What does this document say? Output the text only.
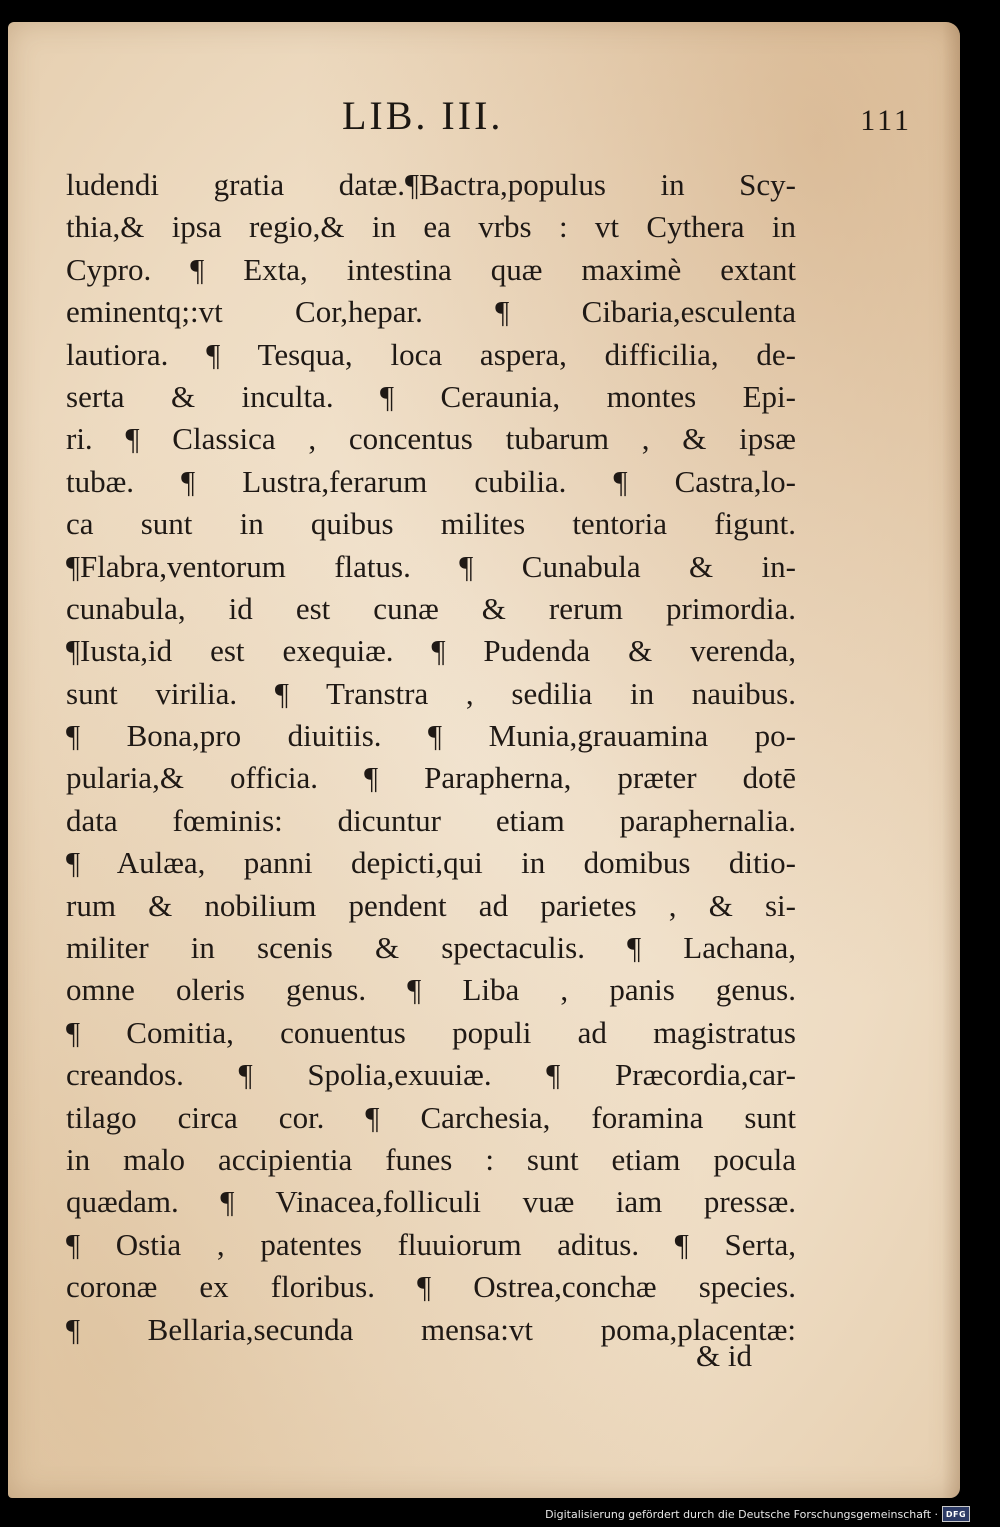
LIB. III.	111
ludendi gratia datæ.¶Bactra,populus in Scy-
thia,& ipsa regio,& in ea vrbs : vt Cythera in
Cypro. ¶ Exta, intestina quæ maximè extant
eminentq;:vt Cor,hepar. ¶ Cibaria,esculenta
lautiora. ¶ Tesqua, loca aspera, difficilia, de-
serta & inculta. ¶ Ceraunia, montes Epi-
ri. ¶ Classica , concentus tubarum , & ipsæ
tubæ. ¶ Lustra,ferarum cubilia. ¶ Castra,lo-
ca sunt in quibus milites tentoria figunt.
¶Flabra,ventorum flatus. ¶ Cunabula & in-
cunabula, id est cunæ & rerum primordia.
¶Iusta,id est exequiæ. ¶ Pudenda & verenda,
sunt virilia. ¶ Transtra , sedilia in nauibus.
¶ Bona,pro diuitiis. ¶ Munia,grauamina po-
pularia,& officia. ¶ Parapherna, præter dotē
data fœminis: dicuntur etiam paraphernalia.
¶ Aulæa, panni depicti,qui in domibus ditio-
rum & nobilium pendent ad parietes , & si-
militer in scenis & spectaculis. ¶ Lachana,
omne oleris genus. ¶ Liba , panis genus.
¶ Comitia, conuentus populi ad magistratus
creandos. ¶ Spolia,exuuiæ. ¶ Præcordia,car-
tilago circa cor. ¶ Carchesia, foramina sunt
in malo accipientia funes : sunt etiam pocula
quædam. ¶ Vinacea,folliculi vuæ iam pressæ.
¶ Ostia , patentes fluuiorum aditus. ¶ Serta,
coronæ ex floribus. ¶ Ostrea,conchæ species.
¶ Bellaria,secunda mensa:vt poma,placentæ:
& id
Digitalisierung gefördert durch die Deutsche Forschungsgemeinschaft · DFG
